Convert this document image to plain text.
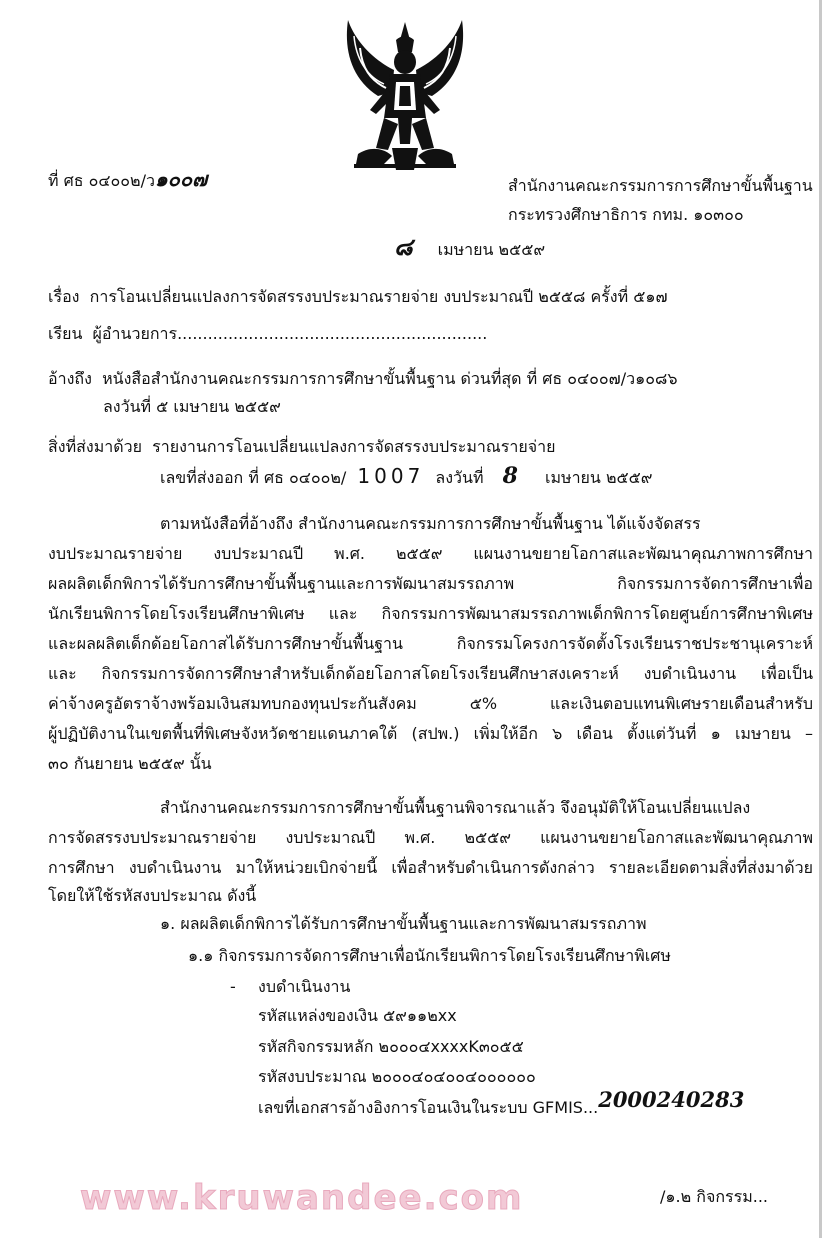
ที่ ศธ ๐๔๐๐๒/ว๑๐๐๗	สำนักงานคณะกรรมการการศึกษาขั้นพื้นฐาน
กระทรวงศึกษาธิการ กทม. ๑๐๓๐๐
๘ เมษายน ๒๕๕๙
เรื่อง การโอนเปลี่ยนแปลงการจัดสรรงบประมาณรายจ่าย งบประมาณปี ๒๕๕๘ ครั้งที่ ๕๑๗
เรียน ผู้อำนวยการ.............................................................
อ้างถึง หนังสือสำนักงานคณะกรรมการการศึกษาขั้นพื้นฐาน ด่วนที่สุด ที่ ศธ ๐๔๐๐๗/ว๑๐๘๖
ลงวันที่ ๕ เมษายน ๒๕๕๙
สิ่งที่ส่งมาด้วย รายงานการโอนเปลี่ยนแปลงการจัดสรรงบประมาณรายจ่าย
เลขที่ส่งออก ที่ ศธ ๐๔๐๐๒/ 1007 ลงวันที่ 8 เมษายน ๒๕๕๙
ตามหนังสือที่อ้างถึง สำนักงานคณะกรรมการการศึกษาขั้นพื้นฐาน ได้แจ้งจัดสรร
งบประมาณรายจ่าย งบประมาณปี พ.ศ. ๒๕๕๙ แผนงานขยายโอกาสและพัฒนาคุณภาพการศึกษา
ผลผลิตเด็กพิการได้รับการศึกษาขั้นพื้นฐานและการพัฒนาสมรรถภาพ กิจกรรมการจัดการศึกษาเพื่อ
นักเรียนพิการโดยโรงเรียนศึกษาพิเศษ และ กิจกรรมการพัฒนาสมรรถภาพเด็กพิการโดยศูนย์การศึกษาพิเศษ
และผลผลิตเด็กด้อยโอกาสได้รับการศึกษาขั้นพื้นฐาน กิจกรรมโครงการจัดตั้งโรงเรียนราชประชานุเคราะห์
และ กิจกรรมการจัดการศึกษาสำหรับเด็กด้อยโอกาสโดยโรงเรียนศึกษาสงเคราะห์ งบดำเนินงาน เพื่อเป็น
ค่าจ้างครูอัตราจ้างพร้อมเงินสมทบกองทุนประกันสังคม ๕% และเงินตอบแทนพิเศษรายเดือนสำหรับ
ผู้ปฏิบัติงานในเขตพื้นที่พิเศษจังหวัดชายแดนภาคใต้ (สปพ.) เพิ่มให้อีก ๖ เดือน ตั้งแต่วันที่ ๑ เมษายน –
๓๐ กันยายน ๒๕๕๙ นั้น
สำนักงานคณะกรรมการการศึกษาขั้นพื้นฐานพิจารณาแล้ว จึงอนุมัติให้โอนเปลี่ยนแปลง
การจัดสรรงบประมาณรายจ่าย งบประมาณปี พ.ศ. ๒๕๕๙ แผนงานขยายโอกาสและพัฒนาคุณภาพ
การศึกษา งบดำเนินงาน มาให้หน่วยเบิกจ่ายนี้ เพื่อสำหรับดำเนินการดังกล่าว รายละเอียดตามสิ่งที่ส่งมาด้วย
โดยให้ใช้รหัสงบประมาณ ดังนี้
๑. ผลผลิตเด็กพิการได้รับการศึกษาขั้นพื้นฐานและการพัฒนาสมรรถภาพ
๑.๑ กิจกรรมการจัดการศึกษาเพื่อนักเรียนพิการโดยโรงเรียนศึกษาพิเศษ
- งบดำเนินงาน
รหัสแหล่งของเงิน ๕๙๑๑๒xx
รหัสกิจกรรมหลัก ๒๐๐๐๔xxxxK๓๐๕๕
รหัสงบประมาณ ๒๐๐๐๔๐๔๐๐๔๐๐๐๐๐๐
เลขที่เอกสารอ้างอิงการโอนเงินในระบบ GFMIS...2000240283
www.kruwandee.com	/๑.๒ กิจกรรม...
